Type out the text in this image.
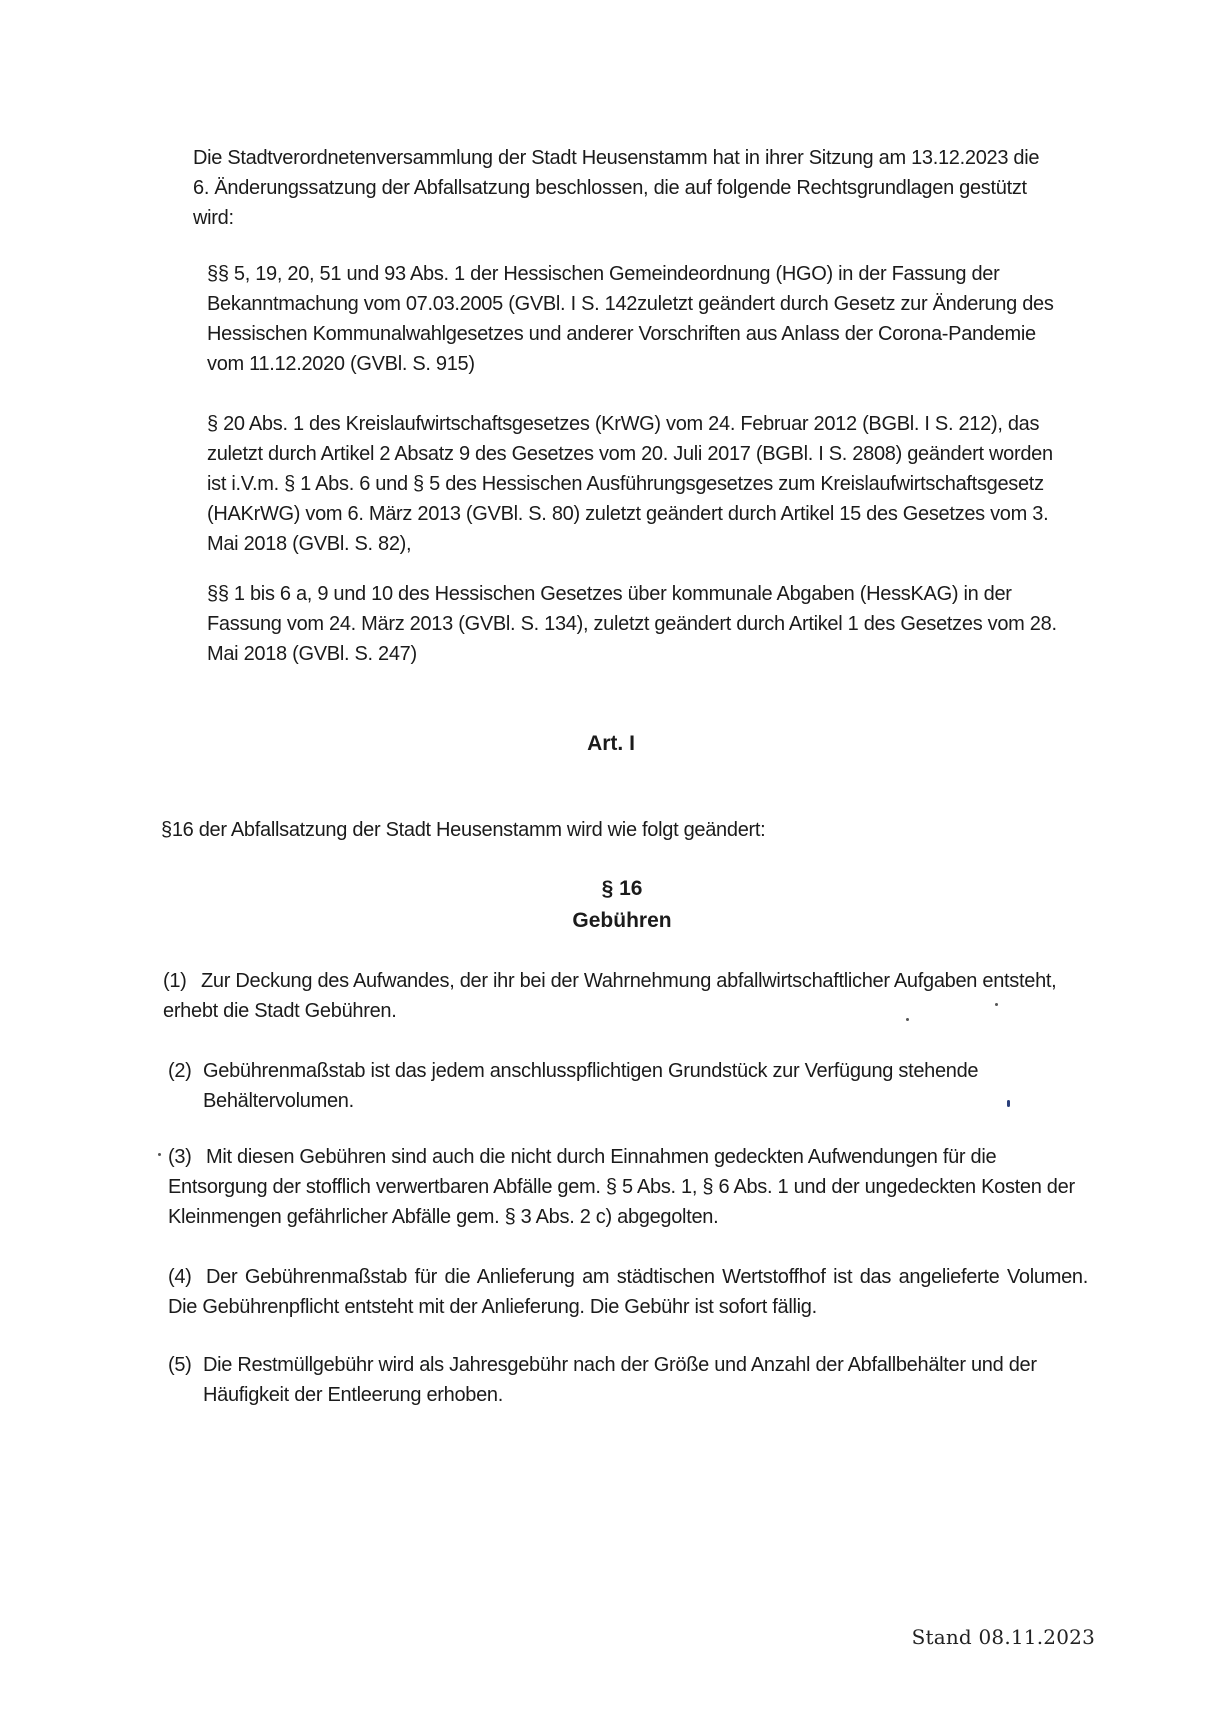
Die Stadtverordnetenversammlung der Stadt Heusenstamm hat in ihrer Sitzung am 13.12.2023 die 6. Änderungssatzung der Abfallsatzung beschlossen, die auf folgende Rechtsgrundlagen gestützt wird:

§§ 5, 19, 20, 51 und 93 Abs. 1 der Hessischen Gemeindeordnung (HGO) in der Fassung der Bekanntmachung vom 07.03.2005 (GVBl. I S. 142zuletzt geändert durch Gesetz zur Änderung des Hessischen Kommunalwahlgesetzes und anderer Vorschriften aus Anlass der Corona-Pandemie vom 11.12.2020 (GVBl. S. 915)

§ 20 Abs. 1 des Kreislaufwirtschaftsgesetzes (KrWG) vom 24. Februar 2012 (BGBl. I S. 212), das zuletzt durch Artikel 2 Absatz 9 des Gesetzes vom 20. Juli 2017 (BGBl. I S. 2808) geändert worden ist i.V.m. § 1 Abs. 6 und § 5 des Hessischen Ausführungsgesetzes zum Kreislaufwirtschaftsgesetz (HAKrWG) vom 6. März 2013 (GVBl. S. 80) zuletzt geändert durch Artikel 15 des Gesetzes vom 3. Mai 2018 (GVBl. S. 82),

§§ 1 bis 6 a, 9 und 10 des Hessischen Gesetzes über kommunale Abgaben (HessKAG) in der Fassung vom 24. März 2013 (GVBl. S. 134), zuletzt geändert durch Artikel 1 des Gesetzes vom 28. Mai 2018 (GVBl. S. 247)

Art. I

§16 der Abfallsatzung der Stadt Heusenstamm wird wie folgt geändert:

§ 16
Gebühren

(1) Zur Deckung des Aufwandes, der ihr bei der Wahrnehmung abfallwirtschaftlicher Aufgaben entsteht, erhebt die Stadt Gebühren.

(2) Gebührenmaßstab ist das jedem anschlusspflichtigen Grundstück zur Verfügung stehende Behältervolumen.

(3) Mit diesen Gebühren sind auch die nicht durch Einnahmen gedeckten Aufwendungen für die Entsorgung der stofflich verwertbaren Abfälle gem. § 5 Abs. 1, § 6 Abs. 1 und der ungedeckten Kosten der Kleinmengen gefährlicher Abfälle gem. § 3 Abs. 2 c) abgegolten.

(4) Der Gebührenmaßstab für die Anlieferung am städtischen Wertstoffhof ist das angelieferte Volumen. Die Gebührenpflicht entsteht mit der Anlieferung. Die Gebühr ist sofort fällig.

(5) Die Restmüllgebühr wird als Jahresgebühr nach der Größe und Anzahl der Abfallbehälter und der Häufigkeit der Entleerung erhoben.

Stand 08.11.2023
